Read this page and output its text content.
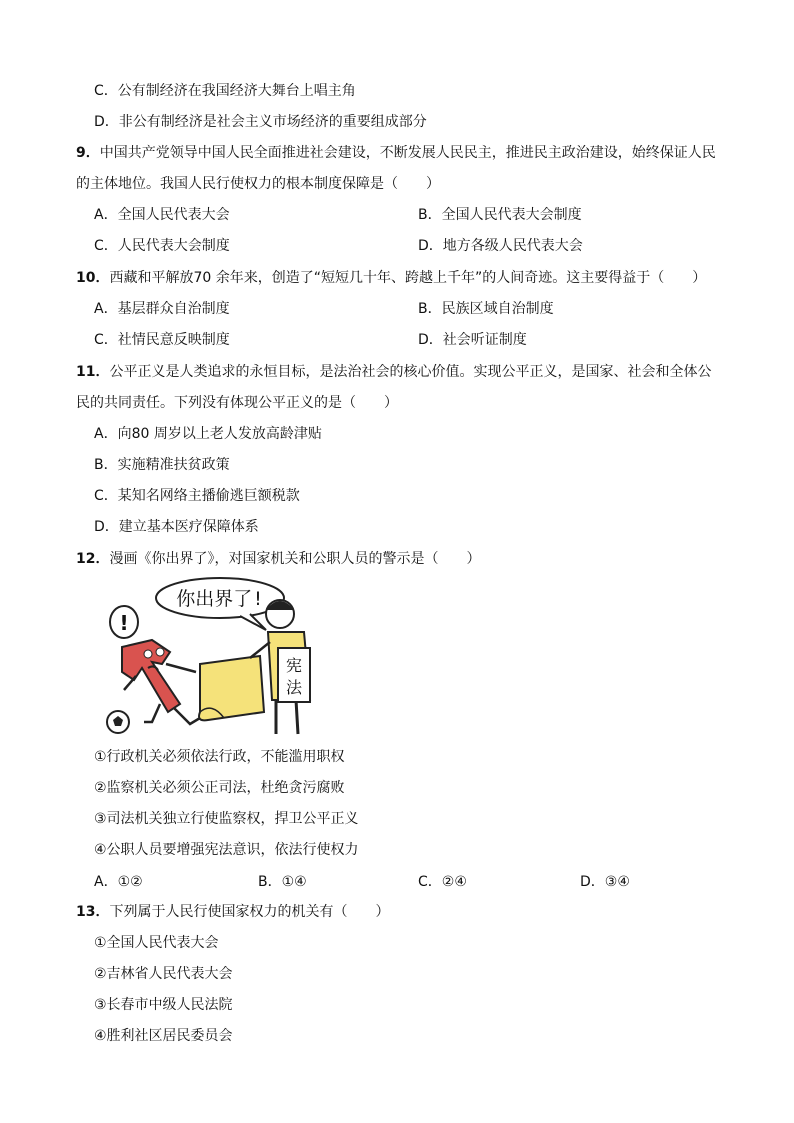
C．公有制经济在我国经济大舞台上唱主角
D．非公有制经济是社会主义市场经济的重要组成部分
9．中国共产党领导中国人民全面推进社会建设，不断发展人民民主，推进民主政治建设，始终保证人民
的主体地位。我国人民行使权力的根本制度保障是（　　）
A．全国人民代表大会	B．全国人民代表大会制度
C．人民代表大会制度	D．地方各级人民代表大会
10．西藏和平解放70 余年来，创造了“短短几十年、跨越上千年”的人间奇迹。这主要得益于（　　）
A．基层群众自治制度	B．民族区域自治制度
C．社情民意反映制度	D．社会听证制度
11．公平正义是人类追求的永恒目标，是法治社会的核心价值。实现公平正义，是国家、社会和全体公
民的共同责任。下列没有体现公平正义的是（　　）
A．向80 周岁以上老人发放高龄津贴
B．实施精准扶贫政策
C．某知名网络主播偷逃巨额税款
D．建立基本医疗保障体系
12．漫画《你出界了》，对国家机关和公职人员的警示是（　　）
你出界了!
!
宪
法
①行政机关必须依法行政，不能滥用职权
②监察机关必须公正司法，杜绝贪污腐败
③司法机关独立行使监察权，捍卫公平正义
④公职人员要增强宪法意识，依法行使权力
A．①②	B．①④	C．②④	D．③④
13．下列属于人民行使国家权力的机关有（　　）
①全国人民代表大会
②吉林省人民代表大会
③长春市中级人民法院
④胜利社区居民委员会
